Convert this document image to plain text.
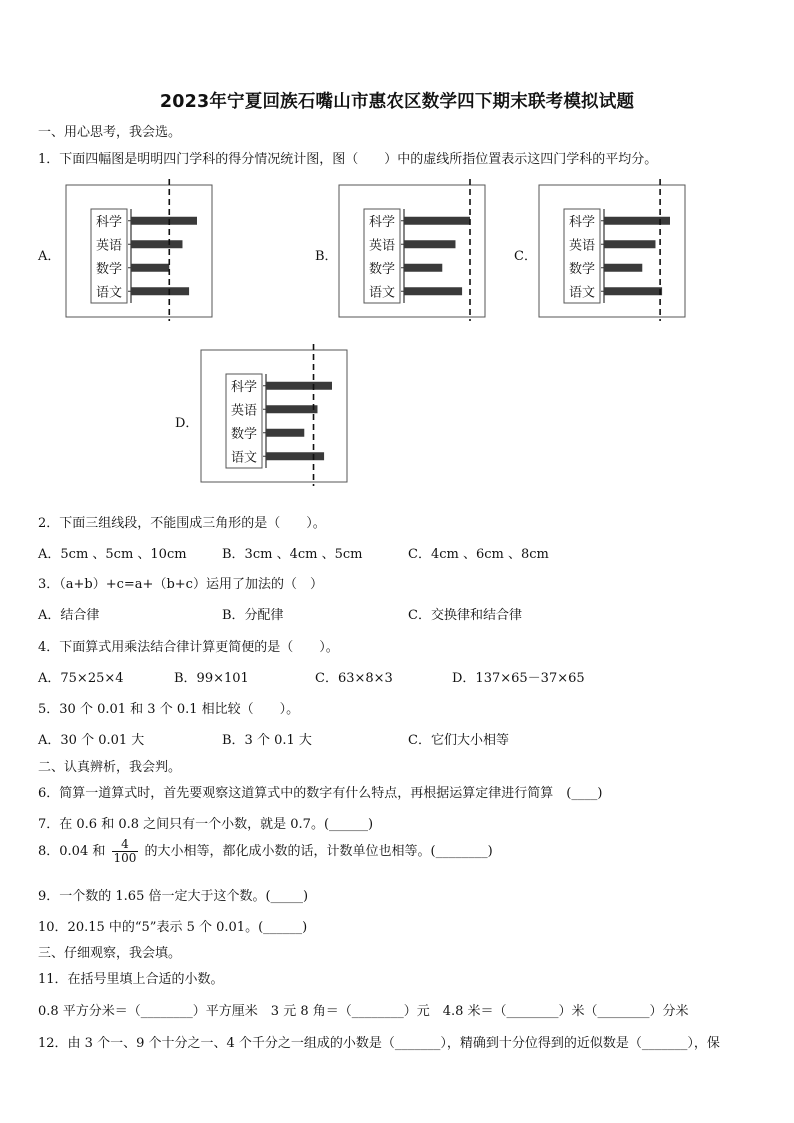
2023年宁夏回族石嘴山市惠农区数学四下期末联考模拟试题
一、用心思考，我会选。
1．下面四幅图是明明四门学科的得分情况统计图，图（　　）中的虚线所指位置表示这四门学科的平均分。
A．	B．	C．
D．
科学
英语
数学
语文
科学
英语
数学
语文
科学
英语
数学
语文
科学
英语
数学
语文
2．下面三组线段，不能围成三角形的是（　　）。
A．5cm 、5cm 、10cm	B．3cm 、4cm 、5cm	C．4cm 、6cm 、8cm
3．（a+b）+c=a+（b+c）运用了加法的（　）
A．结合律	B．分配律	C．交换律和结合律
4．下面算式用乘法结合律计算更简便的是（　　）。
A．75×25×4	B．99×101	C．63×8×3	D．137×65－37×65
5．30 个 0.01 和 3 个 0.1 相比较（　　）。
A．30 个 0.01 大	B．3 个 0.1 大	C．它们大小相等
二、认真辨析，我会判。
6．简算一道算式时，首先要观察这道算式中的数字有什么特点，再根据运算定律进行简算　(____)
7．在 0.6 和 0.8 之间只有一个小数，就是 0.7。(______)
8．0.04 和 $\frac{4}{100}$ 的大小相等，都化成小数的话，计数单位也相等。(________)
9．一个数的 1.65 倍一定大于这个数。(_____)
10．20.15 中的“5”表示 5 个 0.01。(______)
三、仔细观察，我会填。
11．在括号里填上合适的小数。
0.8 平方分米＝（________）平方厘米　3 元 8 角＝（________）元　4.8 米＝（________）米（________）分米
12．由 3 个一、9 个十分之一、4 个千分之一组成的小数是（_______），精确到十分位得到的近似数是（_______），保
